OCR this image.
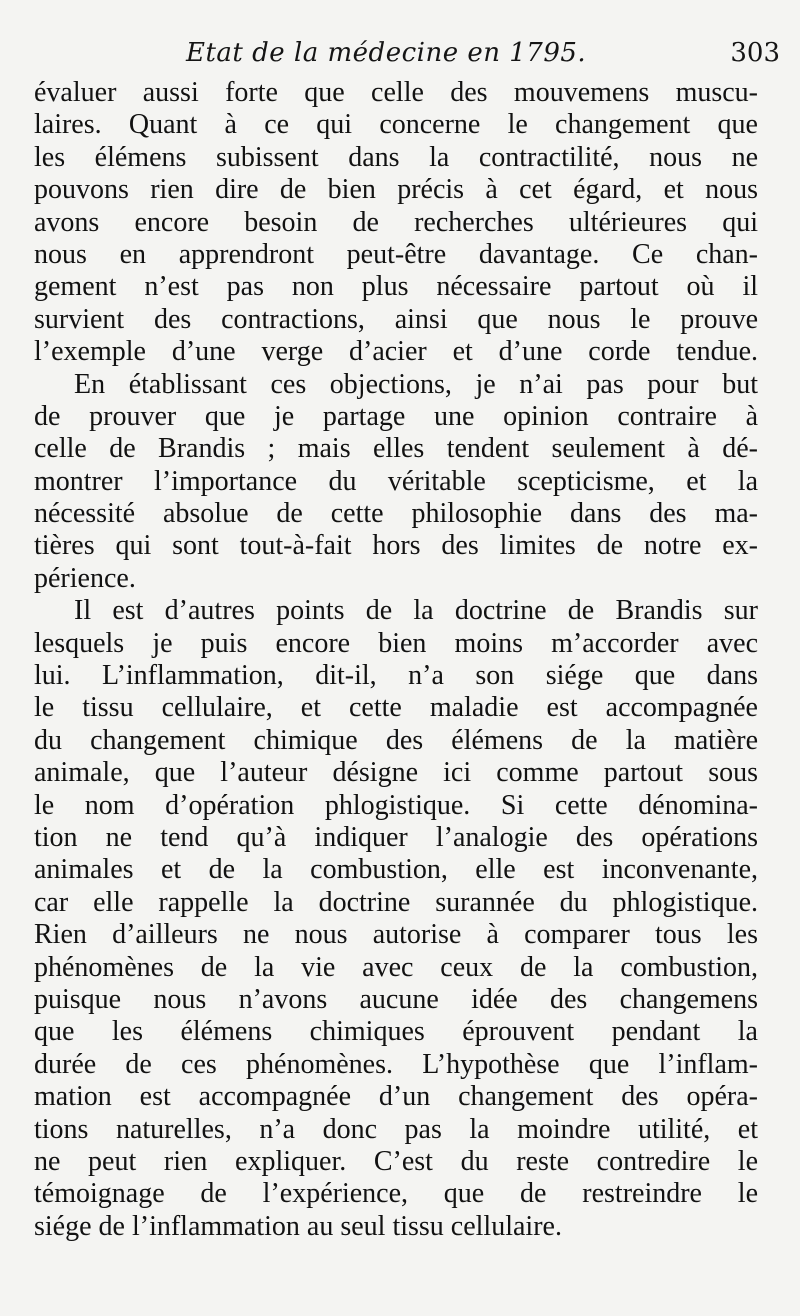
Etat de la médecine en 1795.	303
évaluer aussi forte que celle des mouvemens muscu-
laires. Quant à ce qui concerne le changement que
les élémens subissent dans la contractilité, nous ne
pouvons rien dire de bien précis à cet égard, et nous
avons encore besoin de recherches ultérieures qui
nous en apprendront peut-être davantage. Ce chan-
gement n’est pas non plus nécessaire partout où il
survient des contractions, ainsi que nous le prouve
l’exemple d’une verge d’acier et d’une corde tendue.
En établissant ces objections, je n’ai pas pour but
de prouver que je partage une opinion contraire à
celle de Brandis ; mais elles tendent seulement à dé-
montrer l’importance du véritable scepticisme, et la
nécessité absolue de cette philosophie dans des ma-
tières qui sont tout-à-fait hors des limites de notre ex-
périence.
Il est d’autres points de la doctrine de Brandis sur
lesquels je puis encore bien moins m’accorder avec
lui. L’inflammation, dit-il, n’a son siége que dans
le tissu cellulaire, et cette maladie est accompagnée
du changement chimique des élémens de la matière
animale, que l’auteur désigne ici comme partout sous
le nom d’opération phlogistique. Si cette dénomina-
tion ne tend qu’à indiquer l’analogie des opérations
animales et de la combustion, elle est inconvenante,
car elle rappelle la doctrine surannée du phlogistique.
Rien d’ailleurs ne nous autorise à comparer tous les
phénomènes de la vie avec ceux de la combustion,
puisque nous n’avons aucune idée des changemens
que les élémens chimiques éprouvent pendant la
durée de ces phénomènes. L’hypothèse que l’inflam-
mation est accompagnée d’un changement des opéra-
tions naturelles, n’a donc pas la moindre utilité, et
ne peut rien expliquer. C’est du reste contredire le
témoignage de l’expérience, que de restreindre le
siége de l’inflammation au seul tissu cellulaire.
